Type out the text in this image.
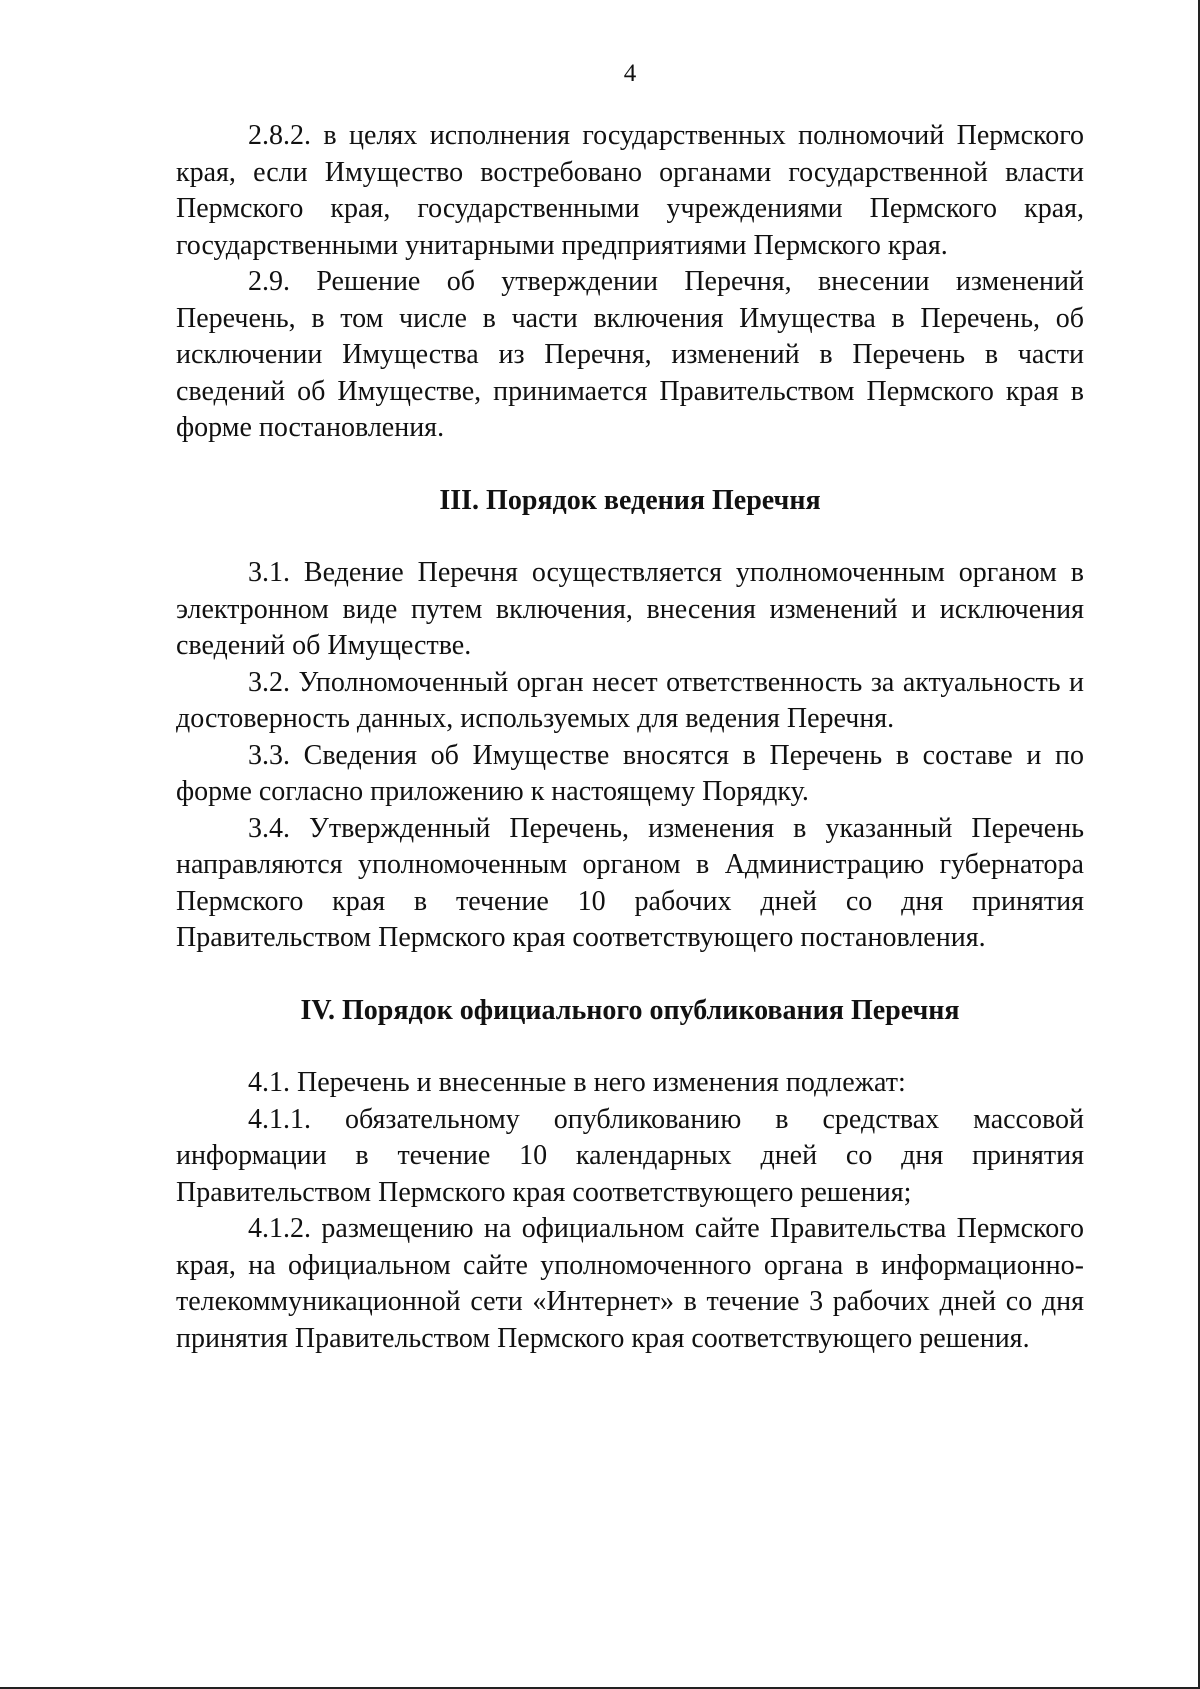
4

2.8.2. в целях исполнения государственных полномочий Пермского края, если Имущество востребовано органами государственной власти Пермского края, государственными учреждениями Пермского края, государственными унитарными предприятиями Пермского края.

2.9. Решение об утверждении Перечня, внесении изменений Перечень, в том числе в части включения Имущества в Перечень, об исключении Имущества из Перечня, изменений в Перечень в части сведений об Имуществе, принимается Правительством Пермского края в форме постановления.

III. Порядок ведения Перечня

3.1. Ведение Перечня осуществляется уполномоченным органом в электронном виде путем включения, внесения изменений и исключения сведений об Имуществе.

3.2. Уполномоченный орган несет ответственность за актуальность и достоверность данных, используемых для ведения Перечня.

3.3. Сведения об Имуществе вносятся в Перечень в составе и по форме согласно приложению к настоящему Порядку.

3.4. Утвержденный Перечень, изменения в указанный Перечень направляются уполномоченным органом в Администрацию губернатора Пермского края в течение 10 рабочих дней со дня принятия Правительством Пермского края соответствующего постановления.

IV. Порядок официального опубликования Перечня

4.1. Перечень и внесенные в него изменения подлежат:

4.1.1. обязательному опубликованию в средствах массовой информации в течение 10 календарных дней со дня принятия Правительством Пермского края соответствующего решения;

4.1.2. размещению на официальном сайте Правительства Пермского края, на официальном сайте уполномоченного органа в информационно-телекоммуникационной сети «Интернет» в течение 3 рабочих дней со дня принятия Правительством Пермского края соответствующего решения.
